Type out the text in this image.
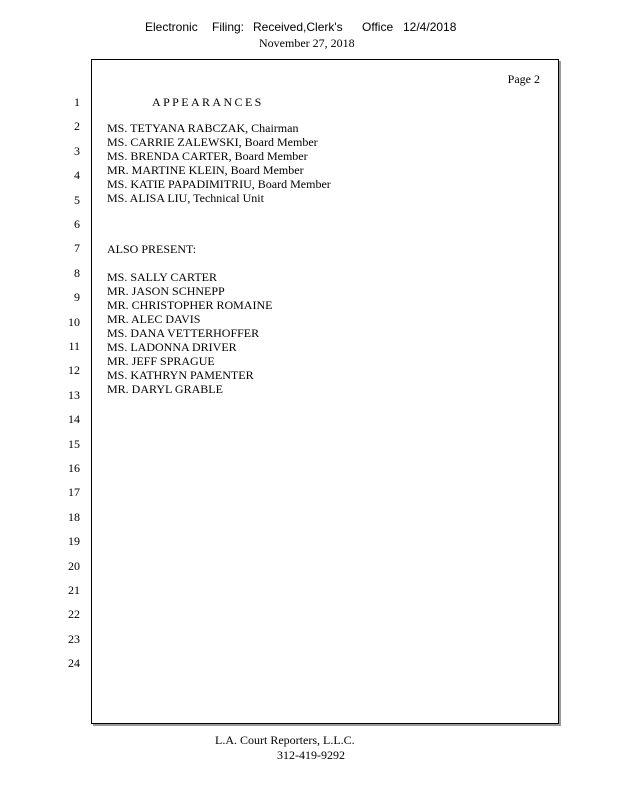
Electronic Filing: Received,Clerk's Office 12/4/2018
November 27, 2018
Page 2
1
2
3
4
5
6
7
8
9
10
11
12
13
14
15
16
17
18
19
20
21
22
23
24
APPEARANCES
MS. TETYANA RABCZAK, Chairman
MS. CARRIE ZALEWSKI, Board Member
MS. BRENDA CARTER, Board Member
MR. MARTINE KLEIN, Board Member
MS. KATIE PAPADIMITRIU, Board Member
MS. ALISA LIU, Technical Unit
ALSO PRESENT:
MS. SALLY CARTER
MR. JASON SCHNEPP
MR. CHRISTOPHER ROMAINE
MR. ALEC DAVIS
MS. DANA VETTERHOFFER
MS. LADONNA DRIVER
MR. JEFF SPRAGUE
MS. KATHRYN PAMENTER
MR. DARYL GRABLE
L.A. Court Reporters, L.L.C.
312-419-9292
